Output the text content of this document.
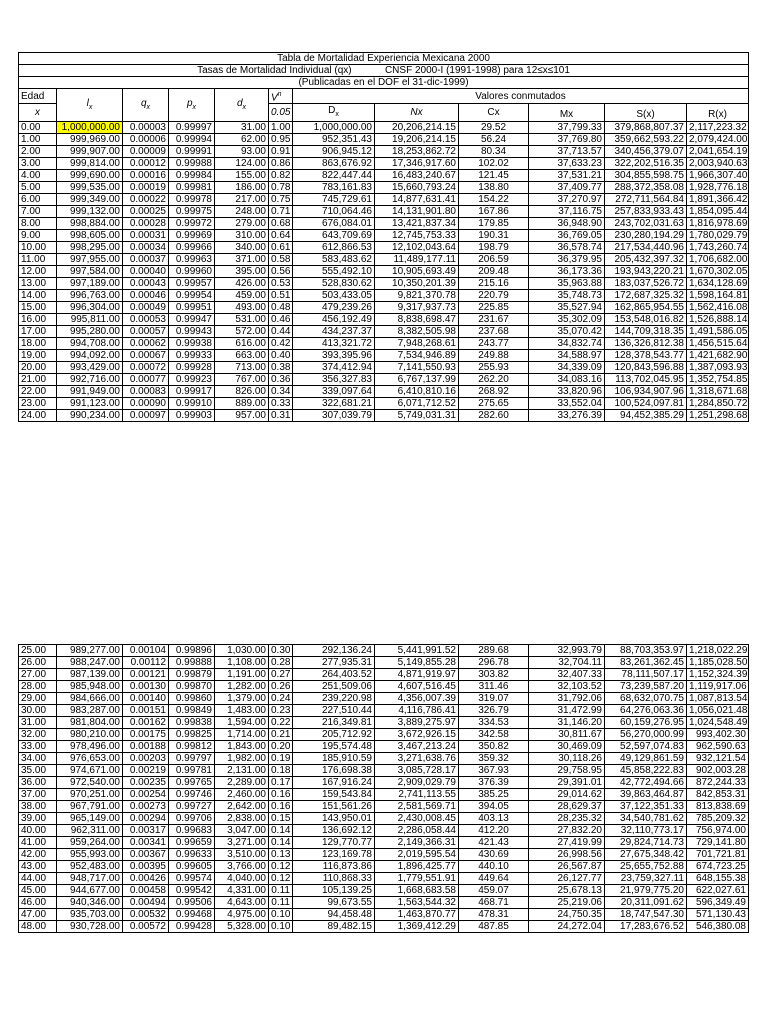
Tabla de Mortalidad Experiencia Mexicana 2000											
Tasas de Mortalidad Individual (qx) CNSF 2000-I (1991-1998) para 12≤x≤101											
(Publicadas en el DOF el 31-dic-1999)											
Edad	$l_x$	$q_x$	$p_x$	$d_x$	$V^n$	Valores conmutados					
x					0.05	$D_x$	Nx	Cx	Mx	S(x)	R(x)
0.00	1,000,000.00	0.00003	0.99997	31.00	1.00	1,000,000.00	20,206,214.15	29.52	37,799.33	379,868,807.37	2,117,223.32
1.00	999,969.00	0.00006	0.99994	62.00	0.95	952,351.43	19,206,214.15	56.24	37,769.80	359,662,593.22	2,079,424.00
2.00	999,907.00	0.00009	0.99991	93.00	0.91	906,945.12	18,253,862.72	80.34	37,713.57	340,456,379.07	2,041,654.19
3.00	999,814.00	0.00012	0.99988	124.00	0.86	863,676.92	17,346,917.60	102.02	37,633.23	322,202,516.35	2,003,940.63
4.00	999,690.00	0.00016	0.99984	155.00	0.82	822,447.44	16,483,240.67	121.45	37,531.21	304,855,598.75	1,966,307.40
5.00	999,535.00	0.00019	0.99981	186.00	0.78	783,161.83	15,660,793.24	138.80	37,409.77	288,372,358.08	1,928,776.18
6.00	999,349.00	0.00022	0.99978	217.00	0.75	745,729.61	14,877,631.41	154.22	37,270.97	272,711,564.84	1,891,366.42
7.00	999,132.00	0.00025	0.99975	248.00	0.71	710,064.46	14,131,901.80	167.86	37,116.75	257,833,933.43	1,854,095.44
8.00	998,884.00	0.00028	0.99972	279.00	0.68	676,084.01	13,421,837.34	179.85	36,948.90	243,702,031.63	1,816,978.69
9.00	998,605.00	0.00031	0.99969	310.00	0.64	643,709.69	12,745,753.33	190.31	36,769.05	230,280,194.29	1,780,029.79
10.00	998,295.00	0.00034	0.99966	340.00	0.61	612,866.53	12,102,043.64	198.79	36,578.74	217,534,440.96	1,743,260.74
11.00	997,955.00	0.00037	0.99963	371.00	0.58	583,483.62	11,489,177.11	206.59	36,379.95	205,432,397.32	1,706,682.00
12.00	997,584.00	0.00040	0.99960	395.00	0.56	555,492.10	10,905,693.49	209.48	36,173.36	193,943,220.21	1,670,302.05
13.00	997,189.00	0.00043	0.99957	426.00	0.53	528,830.62	10,350,201.39	215.16	35,963.88	183,037,526.72	1,634,128.69
14.00	996,763.00	0.00046	0.99954	459.00	0.51	503,433.05	9,821,370.78	220.79	35,748.73	172,687,325.32	1,598,164.81
15.00	996,304.00	0.00049	0.99951	493.00	0.48	479,239.26	9,317,937.73	225.85	35,527.94	162,865,954.55	1,562,416.08
16.00	995,811.00	0.00053	0.99947	531.00	0.46	456,192.49	8,838,698.47	231.67	35,302.09	153,548,016.82	1,526,888.14
17.00	995,280.00	0.00057	0.99943	572.00	0.44	434,237.37	8,382,505.98	237.68	35,070.42	144,709,318.35	1,491,586.05
18.00	994,708.00	0.00062	0.99938	616.00	0.42	413,321.72	7,948,268.61	243.77	34,832.74	136,326,812.38	1,456,515.64
19.00	994,092.00	0.00067	0.99933	663.00	0.40	393,395.96	7,534,946.89	249.88	34,588.97	128,378,543.77	1,421,682.90
20.00	993,429.00	0.00072	0.99928	713.00	0.38	374,412.94	7,141,550.93	255.93	34,339.09	120,843,596.88	1,387,093.93
21.00	992,716.00	0.00077	0.99923	767.00	0.36	356,327.83	6,767,137.99	262.20	34,083.16	113,702,045.95	1,352,754.85
22.00	991,949.00	0.00083	0.99917	826.00	0.34	339,097.64	6,410,810.16	268.92	33,820.96	106,934,907.96	1,318,671.68
23.00	991,123.00	0.00090	0.99910	889.00	0.33	322,681.21	6,071,712.52	275.65	33,552.04	100,524,097.81	1,284,850.72
24.00	990,234.00	0.00097	0.99903	957.00	0.31	307,039.79	5,749,031.31	282.60	33,276.39	94,452,385.29	1,251,298.68
25.00	989,277.00	0.00104	0.99896	1,030.00	0.30	292,136.24	5,441,991.52	289.68	32,993.79	88,703,353.97	1,218,022.29
26.00	988,247.00	0.00112	0.99888	1,108.00	0.28	277,935.31	5,149,855.28	296.78	32,704.11	83,261,362.45	1,185,028.50
27.00	987,139.00	0.00121	0.99879	1,191.00	0.27	264,403.52	4,871,919.97	303.82	32,407.33	78,111,507.17	1,152,324.39
28.00	985,948.00	0.00130	0.99870	1,282.00	0.26	251,509.06	4,607,516.45	311.46	32,103.52	73,239,587.20	1,119,917.06
29.00	984,666.00	0.00140	0.99860	1,379.00	0.24	239,220.98	4,356,007.39	319.07	31,792.06	68,632,070.75	1,087,813.54
30.00	983,287.00	0.00151	0.99849	1,483.00	0.23	227,510.44	4,116,786.41	326.79	31,472.99	64,276,063.36	1,056,021.48
31.00	981,804.00	0.00162	0.99838	1,594.00	0.22	216,349.81	3,889,275.97	334.53	31,146.20	60,159,276.95	1,024,548.49
32.00	980,210.00	0.00175	0.99825	1,714.00	0.21	205,712.92	3,672,926.15	342.58	30,811.67	56,270,000.99	993,402.30
33.00	978,496.00	0.00188	0.99812	1,843.00	0.20	195,574.48	3,467,213.24	350.82	30,469.09	52,597,074.83	962,590.63
34.00	976,653.00	0.00203	0.99797	1,982.00	0.19	185,910.59	3,271,638.76	359.32	30,118.26	49,129,861.59	932,121.54
35.00	974,671.00	0.00219	0.99781	2,131.00	0.18	176,698.38	3,085,728.17	367.93	29,758.95	45,858,222.83	902,003.28
36.00	972,540.00	0.00235	0.99765	2,289.00	0.17	167,916.24	2,909,029.79	376.39	29,391.01	42,772,494.66	872,244.33
37.00	970,251.00	0.00254	0.99746	2,460.00	0.16	159,543.84	2,741,113.55	385.25	29,014.62	39,863,464.87	842,853.31
38.00	967,791.00	0.00273	0.99727	2,642.00	0.16	151,561.26	2,581,569.71	394.05	28,629.37	37,122,351.33	813,838.69
39.00	965,149.00	0.00294	0.99706	2,838.00	0.15	143,950.01	2,430,008.45	403.13	28,235.32	34,540,781.62	785,209.32
40.00	962,311.00	0.00317	0.99683	3,047.00	0.14	136,692.12	2,286,058.44	412.20	27,832.20	32,110,773.17	756,974.00
41.00	959,264.00	0.00341	0.99659	3,271.00	0.14	129,770.77	2,149,366.31	421.43	27,419.99	29,824,714.73	729,141.80
42.00	955,993.00	0.00367	0.99633	3,510.00	0.13	123,169.78	2,019,595.54	430.69	26,998.56	27,675,348.42	701,721.81
43.00	952,483.00	0.00395	0.99605	3,766.00	0.12	116,873.86	1,896,425.77	440.10	26,567.87	25,655,752.88	674,723.25
44.00	948,717.00	0.00426	0.99574	4,040.00	0.12	110,868.33	1,779,551.91	449.64	26,127.77	23,759,327.11	648,155.38
45.00	944,677.00	0.00458	0.99542	4,331.00	0.11	105,139.25	1,668,683.58	459.07	25,678.13	21,979,775.20	622,027.61
46.00	940,346.00	0.00494	0.99506	4,643.00	0.11	99,673.55	1,563,544.32	468.71	25,219.06	20,311,091.62	596,349.49
47.00	935,703.00	0.00532	0.99468	4,975.00	0.10	94,458.48	1,463,870.77	478.31	24,750.35	18,747,547.30	571,130.43
48.00	930,728.00	0.00572	0.99428	5,328.00	0.10	89,482.15	1,369,412.29	487.85	24,272.04	17,283,676.52	546,380.08
